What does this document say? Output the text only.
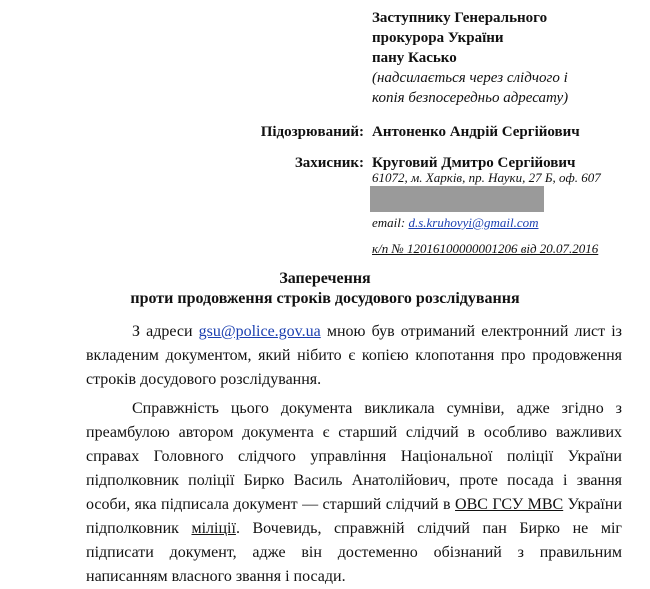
Заступнику Генерального
прокурора України
пану Касько
(надсилається через слідчого і
копія безпосередньо адресату)
Підозрюваний: Антоненко Андрій Сергійович
Захисник: Круговий Дмитро Сергійович
61072, м. Харків, пр. Науки, 27 Б, оф. 607
email: d.s.kruhovyi@gmail.com
к/п № 12016100000001206 від 20.07.2016
Заперечення
проти продовження строків досудового розслідування

З адреси gsu@police.gov.ua мною був отриманий електронний лист із вкладеним документом, який нібито є копією клопотання про продовження строків досудового розслідування.

Справжність цього документа викликала сумніви, адже згідно з преамбулою автором документа є старший слідчий в особливо важливих справах Головного слідчого управління Національної поліції України підполковник поліції Бирко Василь Анатолійович, проте посада і звання особи, яка підписала документ — старший слідчий в ОВС ГСУ МВС України підполковник міліції. Вочевидь, справжній слідчий пан Бирко не міг підписати документ, адже він достеменно обізнаний з правильним написанням власного звання і посади.
